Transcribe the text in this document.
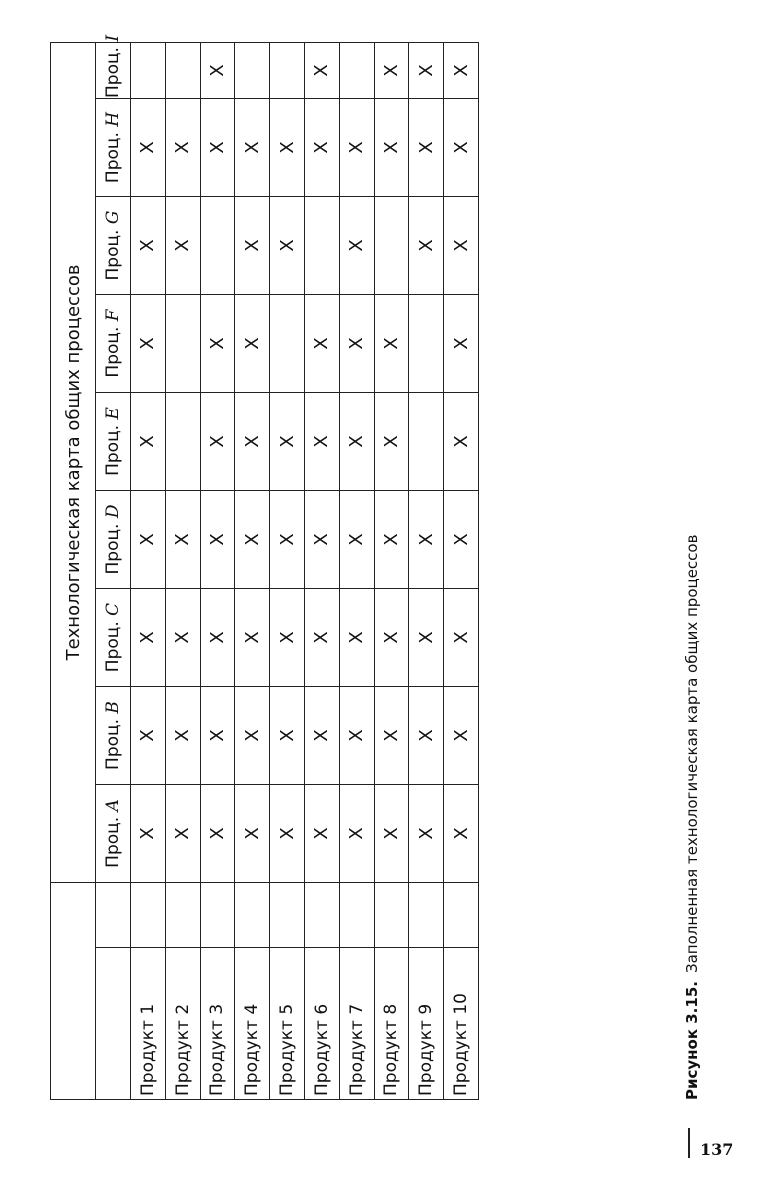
		Технологическая карта общих процессов								
		Проц. A	Проц. B	Проц. C	Проц. D	Проц. E	Проц. F	Проц. G	Проц. H	Проц. I
Продукт 1		X	X	X	X	X	X	X	X	
Продукт 2		X	X	X	X			X	X	
Продукт 3		X	X	X	X	X	X		X	X
Продукт 4		X	X	X	X	X	X	X	X	
Продукт 5		X	X	X	X	X		X	X	
Продукт 6		X	X	X	X	X	X		X	X
Продукт 7		X	X	X	X	X	X	X	X	
Продукт 8		X	X	X	X	X	X		X	X
Продукт 9		X	X	X	X			X	X	X
Продукт 10		X	X	X	X	X	X	X	X	X
Рисунок 3.15.Заполненная технологическая карта общих процессов
137
